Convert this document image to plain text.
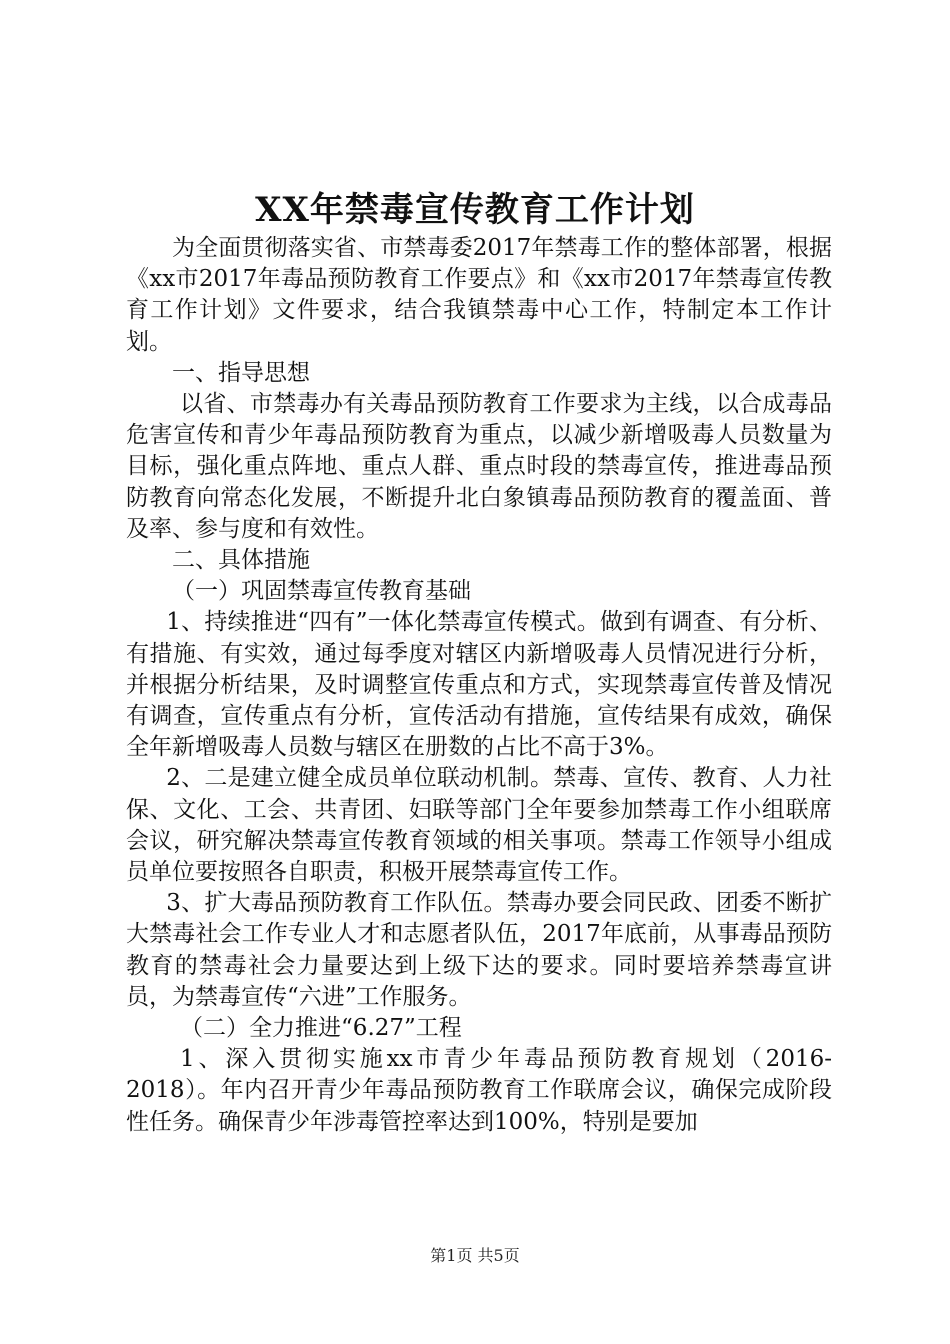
XX年禁毒宣传教育工作计划

为全面贯彻落实省、市禁毒委2017年禁毒工作的整体部署，根据《xx市2017年毒品预防教育工作要点》和《xx市2017年禁毒宣传教育工作计划》文件要求，结合我镇禁毒中心工作，特制定本工作计划。

一、指导思想

以省、市禁毒办有关毒品预防教育工作要求为主线，以合成毒品危害宣传和青少年毒品预防教育为重点，以减少新增吸毒人员数量为目标，强化重点阵地、重点人群、重点时段的禁毒宣传，推进毒品预防教育向常态化发展，不断提升北白象镇毒品预防教育的覆盖面、普及率、参与度和有效性。

二、具体措施

（一）巩固禁毒宣传教育基础

1、持续推进“四有”一体化禁毒宣传模式。做到有调查、有分析、有措施、有实效，通过每季度对辖区内新增吸毒人员情况进行分析，并根据分析结果，及时调整宣传重点和方式，实现禁毒宣传普及情况有调查，宣传重点有分析，宣传活动有措施，宣传结果有成效，确保全年新增吸毒人员数与辖区在册数的占比不高于3%。

2、二是建立健全成员单位联动机制。禁毒、宣传、教育、人力社保、文化、工会、共青团、妇联等部门全年要参加禁毒工作小组联席会议，研究解决禁毒宣传教育领域的相关事项。禁毒工作领导小组成员单位要按照各自职责，积极开展禁毒宣传工作。

3、扩大毒品预防教育工作队伍。禁毒办要会同民政、团委不断扩大禁毒社会工作专业人才和志愿者队伍，2017年底前，从事毒品预防教育的禁毒社会力量要达到上级下达的要求。同时要培养禁毒宣讲员，为禁毒宣传“六进”工作服务。

（二）全力推进“6.27”工程

1、深入贯彻实施xx市青少年毒品预防教育规划（2016-2018）。年内召开青少年毒品预防教育工作联席会议，确保完成阶段性任务。确保青少年涉毒管控率达到100%，特别是要加

第1页 共5页
